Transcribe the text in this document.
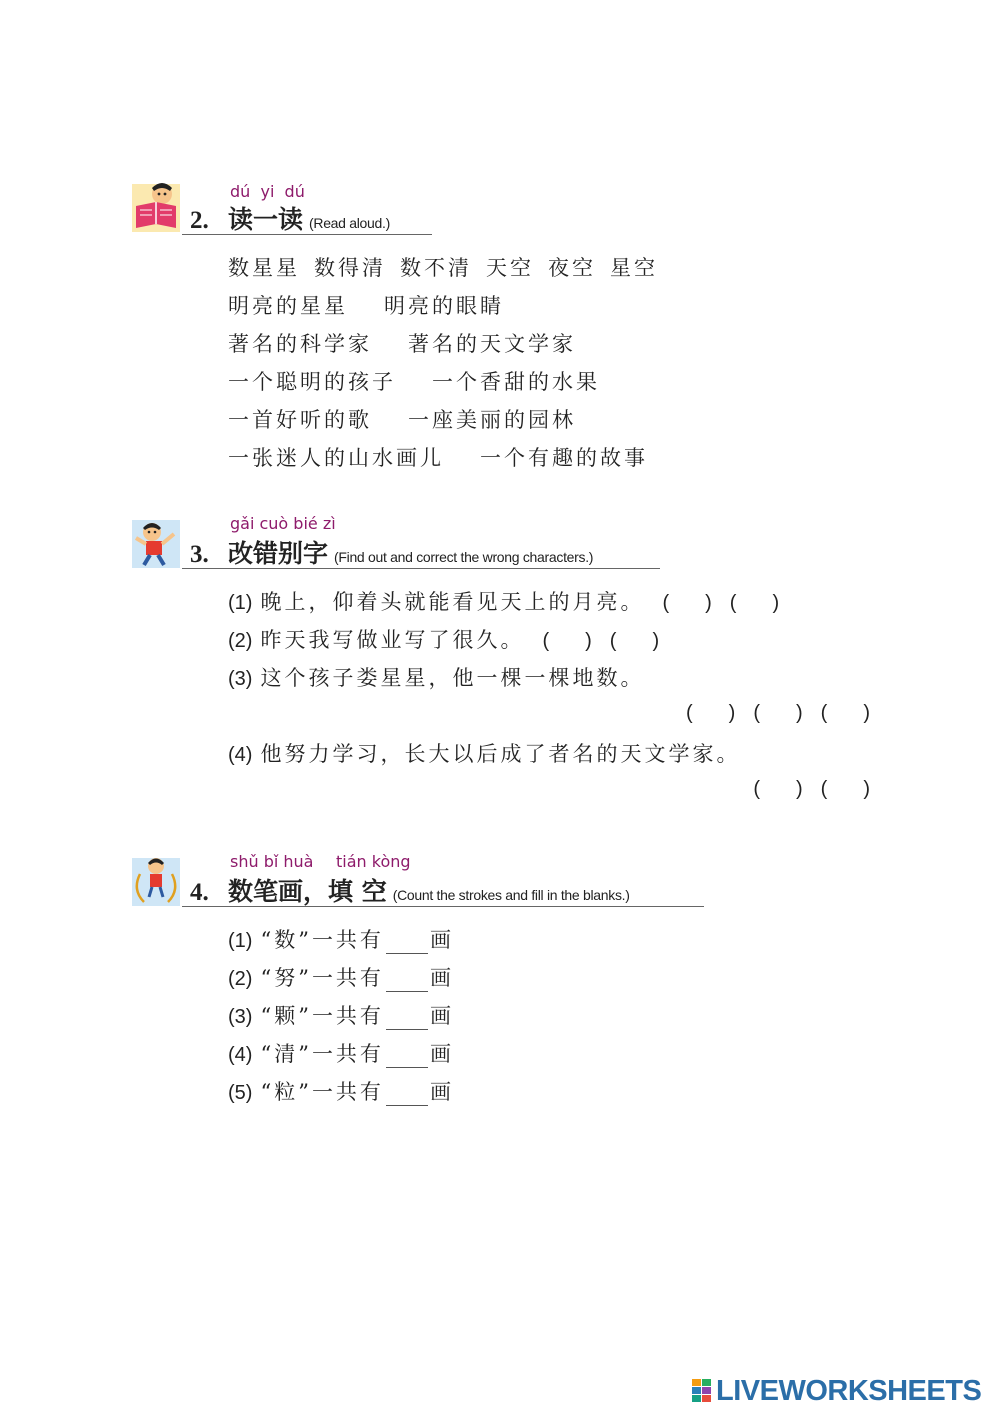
dú  yi  dú
2. 读一读 (Read aloud.)
数星星 数得清 数不清 天空 夜空 星空
明亮的星星 明亮的眼睛
著名的科学家 著名的天文学家
一个聪明的孩子 一个香甜的水果
一首好听的歌 一座美丽的园林
一张迷人的山水画儿 一个有趣的故事
gǎi cuò bié zì
3. 改错别字 (Find out and correct the wrong characters.)
(1) 晚上，仰着头就能看见天上的月亮。 ( ) ( )
(2) 昨天我写做业写了很久。 ( ) ( )
(3) 这个孩子娄星星，他一棵一棵地数。
( ) ( ) ( )
(4) 他努力学习，长大以后成了者名的天文学家。
( ) ( )
shǔ bǐ huà tián kòng
4. 数笔画，填 空 (Count the strokes and fill in the blanks.)
(1) “数”一共有 画
(2) “努”一共有 画
(3) “颗”一共有 画
(4) “清”一共有 画
(5) “粒”一共有 画
LIVEWORKSHEETS
